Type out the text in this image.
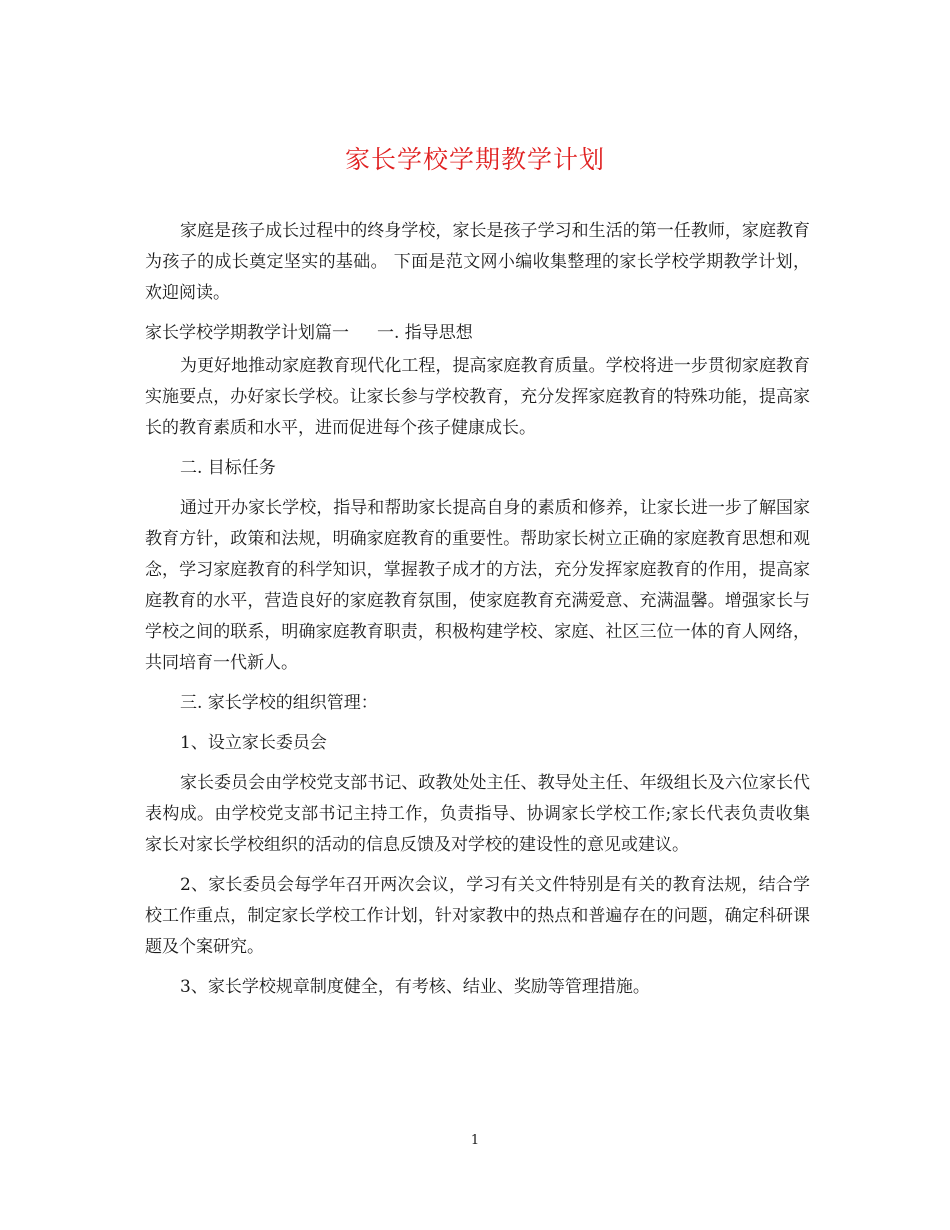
家长学校学期教学计划

家庭是孩子成长过程中的终身学校，家长是孩子学习和生活的第一任教师，家庭教育为孩子的成长奠定坚实的基础。 下面是范文网小编收集整理的家长学校学期教学计划，欢迎阅读。

家长学校学期教学计划篇一 一. 指导思想

为更好地推动家庭教育现代化工程，提高家庭教育质量。学校将进一步贯彻家庭教育实施要点，办好家长学校。让家长参与学校教育，充分发挥家庭教育的特殊功能，提高家长的教育素质和水平，进而促进每个孩子健康成长。

二. 目标任务

通过开办家长学校，指导和帮助家长提高自身的素质和修养，让家长进一步了解国家教育方针，政策和法规，明确家庭教育的重要性。帮助家长树立正确的家庭教育思想和观念，学习家庭教育的科学知识，掌握教子成才的方法，充分发挥家庭教育的作用，提高家庭教育的水平，营造良好的家庭教育氛围，使家庭教育充满爱意、充满温馨。增强家长与学校之间的联系，明确家庭教育职责，积极构建学校、家庭、社区三位一体的育人网络，共同培育一代新人。

三. 家长学校的组织管理：

1、设立家长委员会

家长委员会由学校党支部书记、政教处处主任、教导处主任、年级组长及六位家长代表构成。由学校党支部书记主持工作，负责指导、协调家长学校工作;家长代表负责收集家长对家长学校组织的活动的信息反馈及对学校的建设性的意见或建议。

2、家长委员会每学年召开两次会议，学习有关文件特别是有关的教育法规，结合学校工作重点，制定家长学校工作计划，针对家教中的热点和普遍存在的问题，确定科研课题及个案研究。

3、家长学校规章制度健全，有考核、结业、奖励等管理措施。

1
